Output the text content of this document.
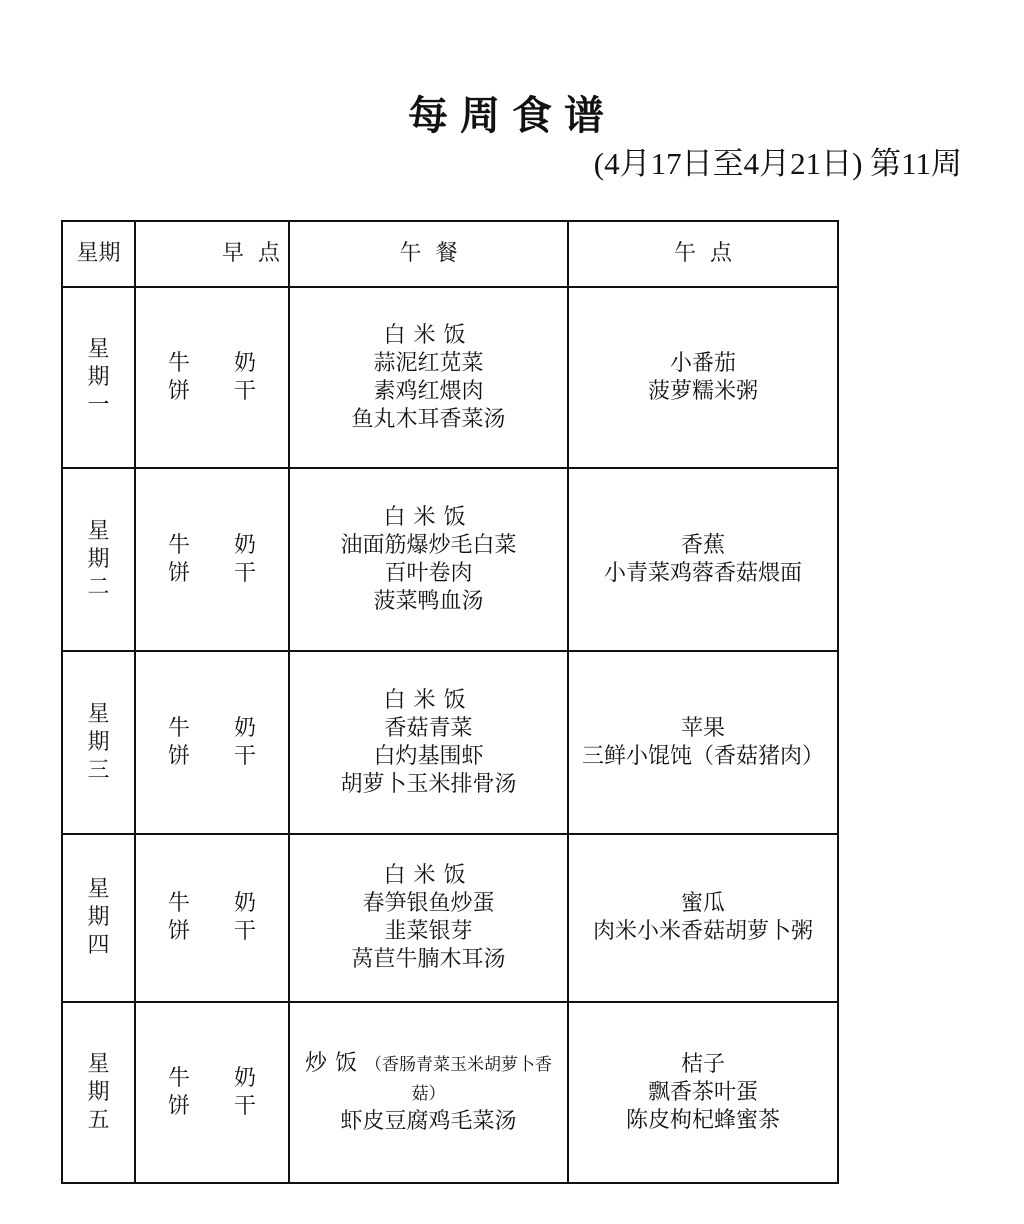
每周食谱
(4月17日至4月21日) 第11周
星期	早  点	午  餐	午  点

星
期
一	牛 奶
饼 干	白米饭
蒜泥红苋菜
素鸡红煨肉
鱼丸木耳香菜汤	小番茄
菠萝糯米粥

星
期
二	牛 奶
饼 干	白米饭
油面筋爆炒毛白菜
百叶卷肉
菠菜鸭血汤	香蕉
小青菜鸡蓉香菇煨面

星
期
三	牛 奶
饼 干	白米饭
香菇青菜
白灼基围虾
胡萝卜玉米排骨汤	苹果
三鲜小馄饨（香菇猪肉）

星
期
四	牛 奶
饼 干	白米饭
春笋银鱼炒蛋
韭菜银芽
莴苣牛腩木耳汤	蜜瓜
肉米小米香菇胡萝卜粥

星
期
五	牛 奶
饼 干	炒饭（香肠青菜玉米胡萝卜香菇）
虾皮豆腐鸡毛菜汤	桔子
飘香茶叶蛋
陈皮枸杞蜂蜜茶
